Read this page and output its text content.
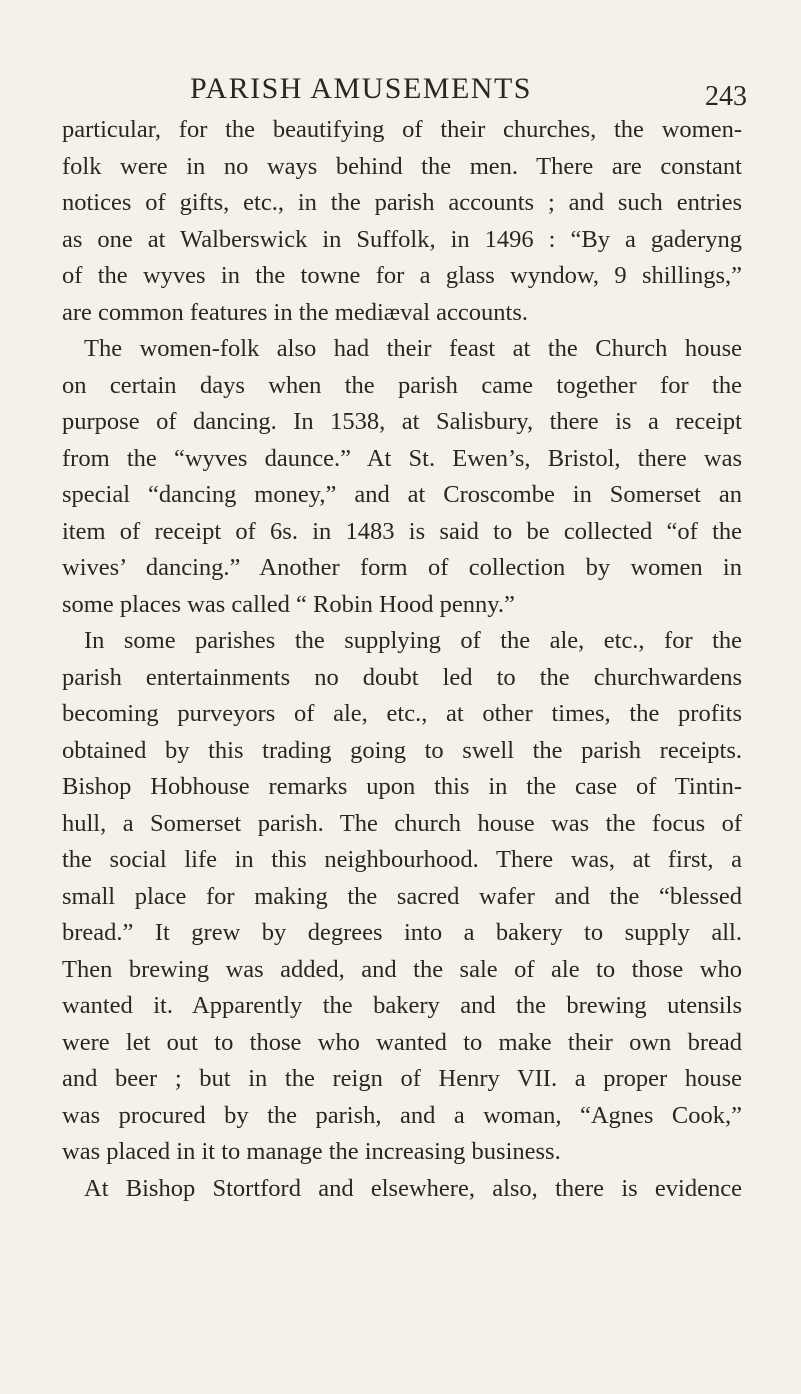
PARISH AMUSEMENTS	243
particular, for the beautifying of their churches, the women-
folk were in no ways behind the men. There are constant
notices of gifts, etc., in the parish accounts ; and such entries
as one at Walberswick in Suffolk, in 1496 : “By a gaderyng
of the wyves in the towne for a glass wyndow, 9 shillings,”
are common features in the mediæval accounts.
The women-folk also had their feast at the Church house
on certain days when the parish came together for the
purpose of dancing. In 1538, at Salisbury, there is a receipt
from the “wyves daunce.” At St. Ewen’s, Bristol, there was
special “dancing money,” and at Croscombe in Somerset an
item of receipt of 6s. in 1483 is said to be collected “of the
wives’ dancing.” Another form of collection by women in
some places was called “ Robin Hood penny.”
In some parishes the supplying of the ale, etc., for the
parish entertainments no doubt led to the churchwardens
becoming purveyors of ale, etc., at other times, the profits
obtained by this trading going to swell the parish receipts.
Bishop Hobhouse remarks upon this in the case of Tintin-
hull, a Somerset parish. The church house was the focus of
the social life in this neighbourhood. There was, at first, a
small place for making the sacred wafer and the “blessed
bread.” It grew by degrees into a bakery to supply all.
Then brewing was added, and the sale of ale to those who
wanted it. Apparently the bakery and the brewing utensils
were let out to those who wanted to make their own bread
and beer ; but in the reign of Henry VII. a proper house
was procured by the parish, and a woman, “Agnes Cook,”
was placed in it to manage the increasing business.
At Bishop Stortford and elsewhere, also, there is evidence
